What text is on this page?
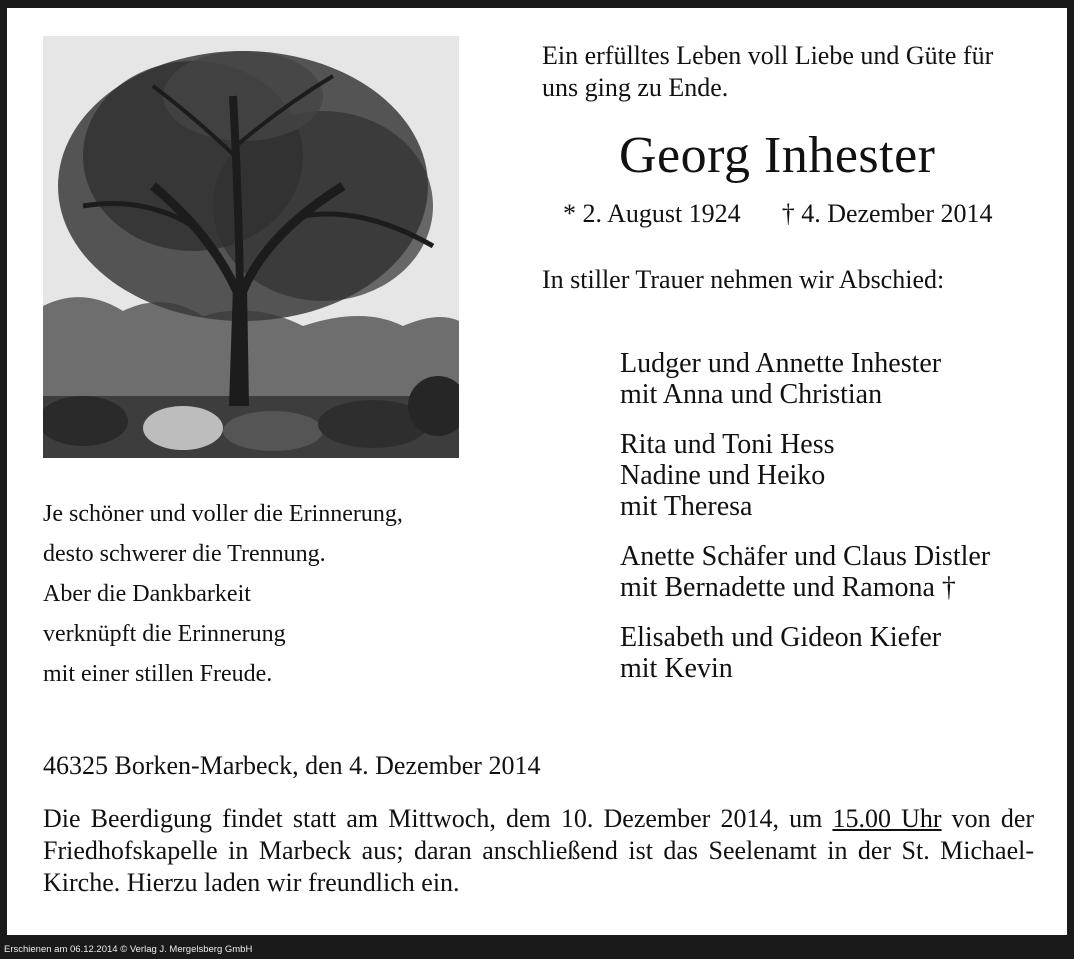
Ein erfülltes Leben voll Liebe und Güte für
uns ging zu Ende.
Georg Inhester
* 2. August 1924 † 4. Dezember 2014
In stiller Trauer nehmen wir Abschied:
Ludger und Annette Inhester
mit Anna und Christian
Rita und Toni Hess
Nadine und Heiko
mit Theresa
Anette Schäfer und Claus Distler
mit Bernadette und Ramona †
Elisabeth und Gideon Kiefer
mit Kevin
Je schöner und voller die Erinnerung,
desto schwerer die Trennung.
Aber die Dankbarkeit
verknüpft die Erinnerung
mit einer stillen Freude.
46325 Borken-Marbeck, den 4. Dezember 2014
Die Beerdigung findet statt am Mittwoch, dem 10. Dezember 2014, um 15.00 Uhr von der Friedhofskapelle in Marbeck aus; daran anschließend ist das Seelenamt in der St. Michael-Kirche. Hierzu laden wir freundlich ein.
Erschienen am 06.12.2014 © Verlag J. Mergelsberg GmbH
